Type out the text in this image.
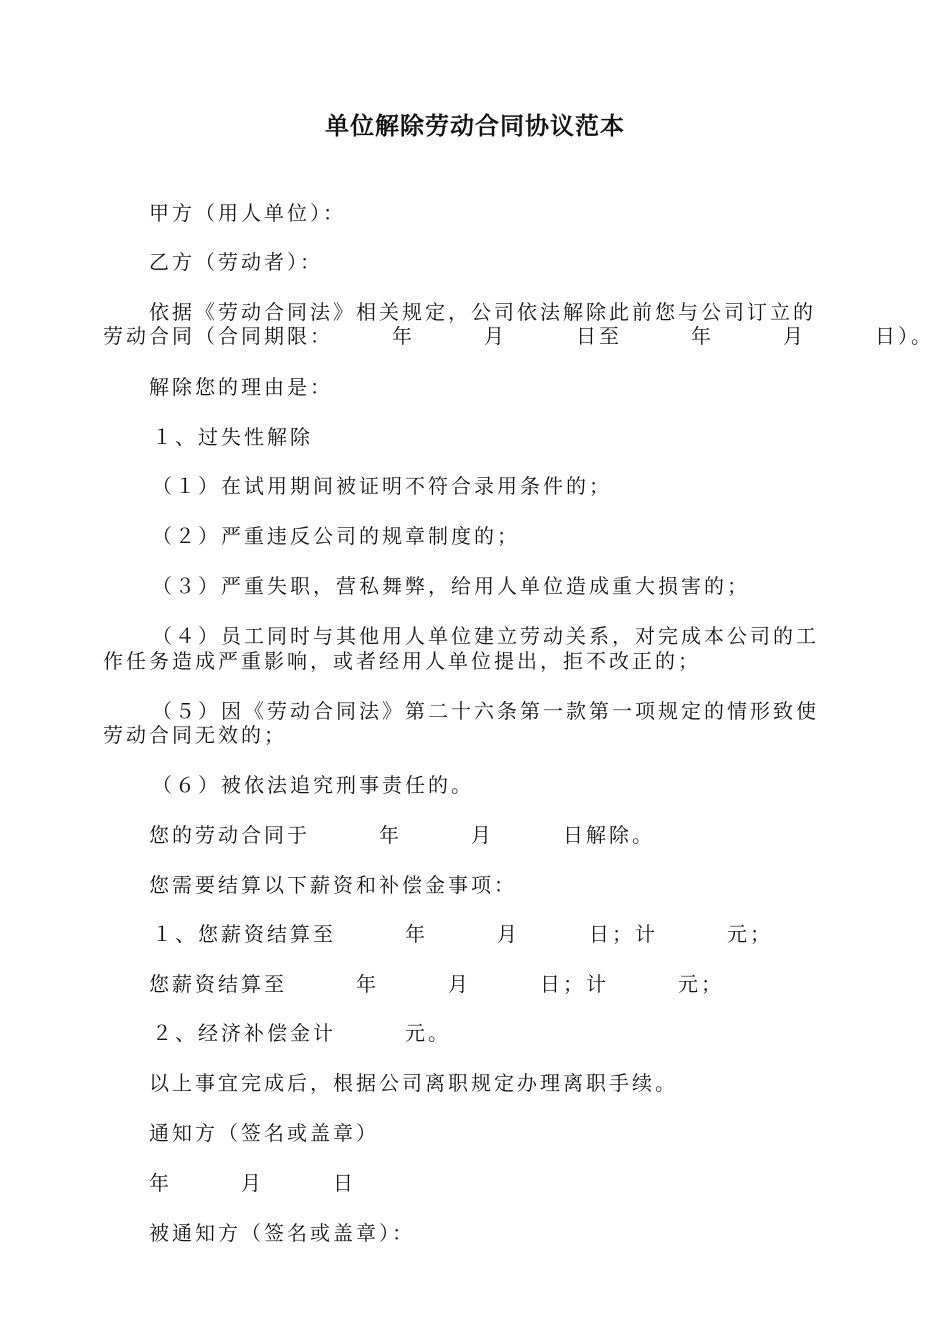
单位解除劳动合同协议范本
甲方（用人单位）：
乙方（劳动者）：
依据《劳动合同法》相关规定，公司依法解除此前您与公司订立的
劳动合同（合同期限：　　　年　　　月　　　日至　　　年　　　月　　　日）。
解除您的理由是：
１、过失性解除
（１）在试用期间被证明不符合录用条件的；
（２）严重违反公司的规章制度的；
（３）严重失职，营私舞弊，给用人单位造成重大损害的；
（４）员工同时与其他用人单位建立劳动关系，对完成本公司的工
作任务造成严重影响，或者经用人单位提出，拒不改正的；
（５）因《劳动合同法》第二十六条第一款第一项规定的情形致使
劳动合同无效的；
（６）被依法追究刑事责任的。
您的劳动合同于　　　年　　　月　　　日解除。
您需要结算以下薪资和补偿金事项：
１、您薪资结算至　　　年　　　月　　　日；计　　　元；
您薪资结算至　　　年　　　月　　　日；计　　　元；
２、经济补偿金计　　　元。
以上事宜完成后，根据公司离职规定办理离职手续。
通知方（签名或盖章）
年　　　月　　　日
被通知方（签名或盖章）：
